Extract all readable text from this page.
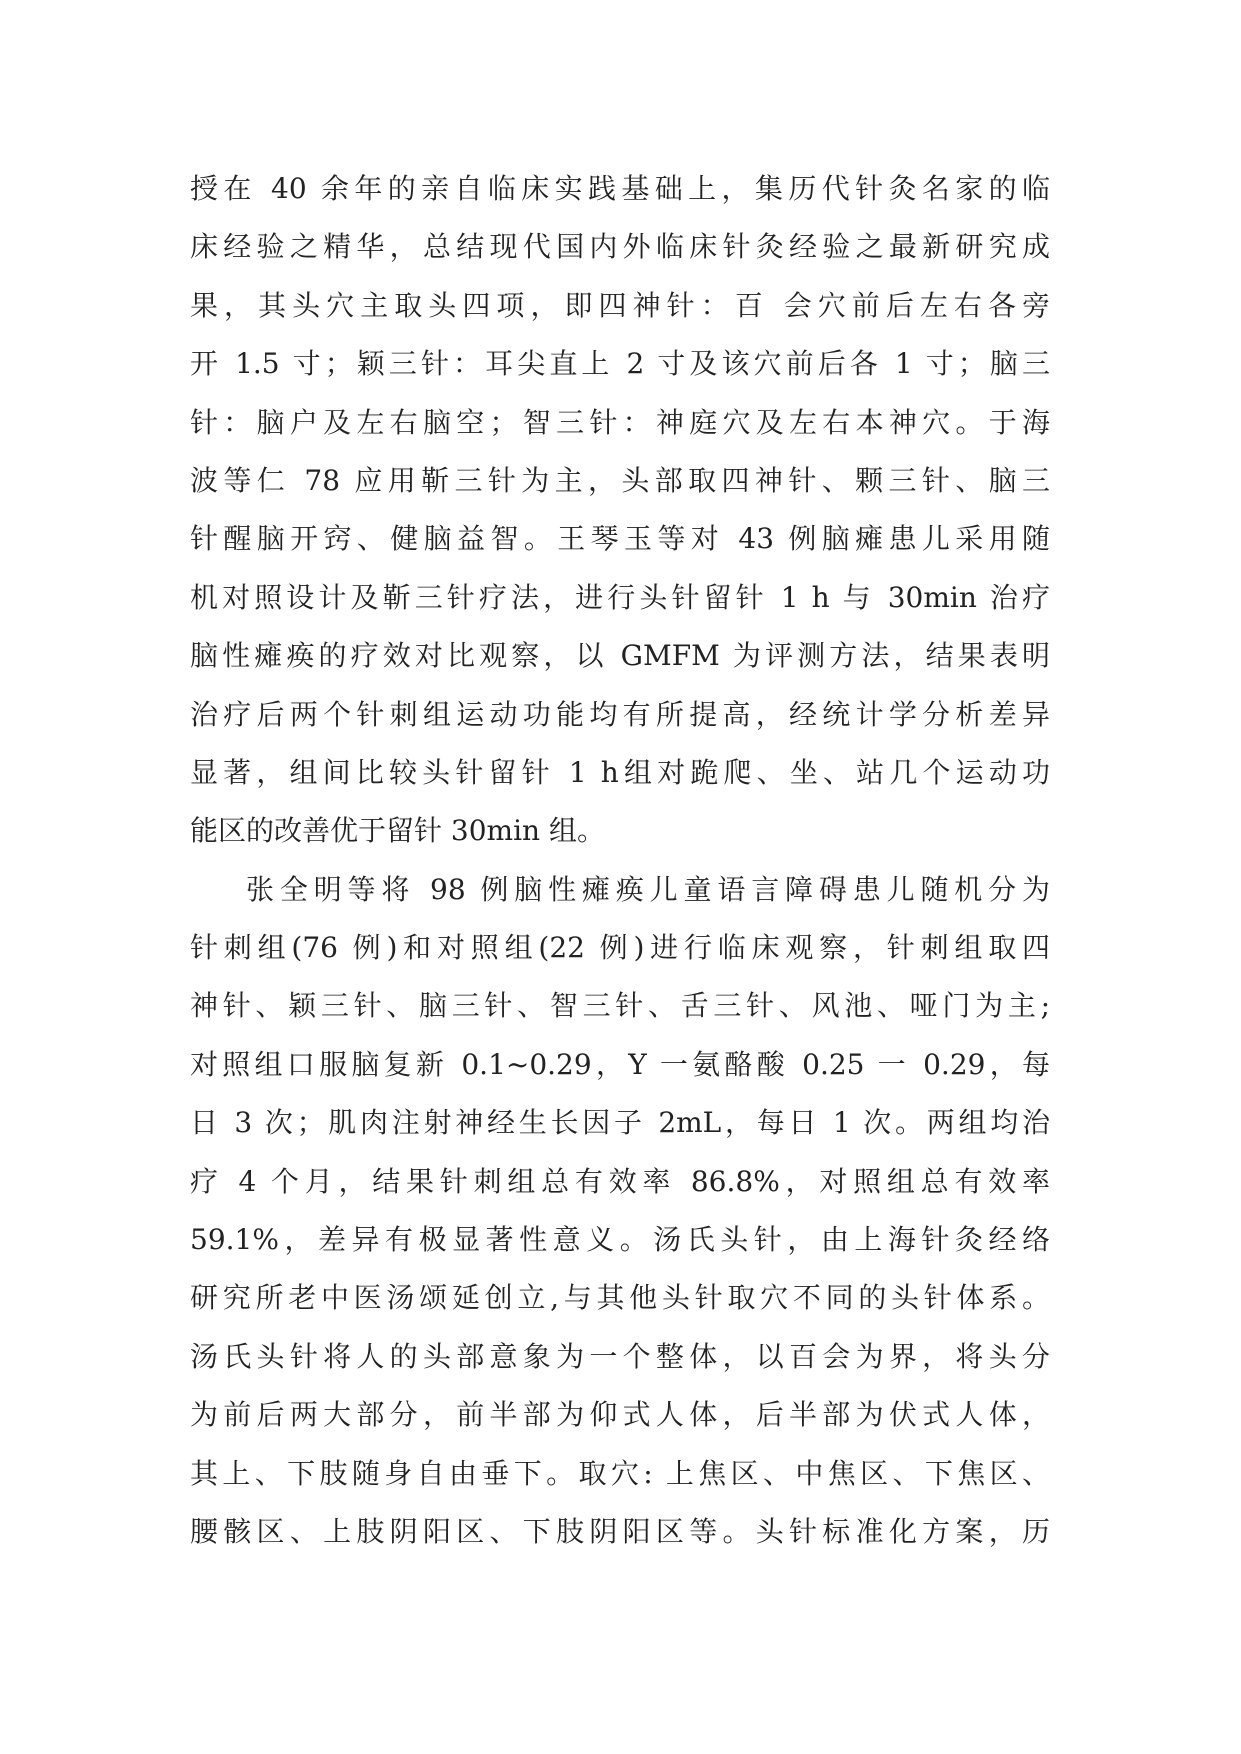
授在 40 余年的亲自临床实践基础上，集历代针灸名家的临
床经验之精华，总结现代国内外临床针灸经验之最新研究成
果，其头穴主取头四项，即四神针：百 会穴前后左右各旁
开 1.5 寸；颖三针：耳尖直上 2 寸及该穴前后各 1 寸；脑三
针：脑户及左右脑空；智三针：神庭穴及左右本神穴。于海
波等仁 78 应用靳三针为主，头部取四神针、颗三针、脑三
针醒脑开窍、健脑益智。王琴玉等对 43 例脑瘫患儿采用随
机对照设计及靳三针疗法，进行头针留针 1 h 与 30min 治疗
脑性瘫痪的疗效对比观察，以 GMFM 为评测方法，结果表明
治疗后两个针刺组运动功能均有所提高，经统计学分析差异
显著，组间比较头针留针 1 h组对跪爬、坐、站几个运动功
能区的改善优于留针 30min 组。
张全明等将 98 例脑性瘫痪儿童语言障碍患儿随机分为
针刺组(76 例)和对照组(22 例)进行临床观察，针刺组取四
神针、颖三针、脑三针、智三针、舌三针、风池、哑门为主;
对照组口服脑复新 0.1~0.29，Y 一氨酪酸 0.25 一 0.29，每
日 3 次；肌肉注射神经生长因子 2mL，每日 1 次。两组均治
疗 4 个月，结果针刺组总有效率 86.8%，对照组总有效率
59.1%，差异有极显著性意义。汤氏头针，由上海针灸经络
研究所老中医汤颂延创立,与其他头针取穴不同的头针体系。
汤氏头针将人的头部意象为一个整体，以百会为界，将头分
为前后两大部分，前半部为仰式人体，后半部为伏式人体，
其上、下肢随身自由垂下。取穴: 上焦区、中焦区、下焦区、
腰骸区、上肢阴阳区、下肢阴阳区等。头针标准化方案，历
